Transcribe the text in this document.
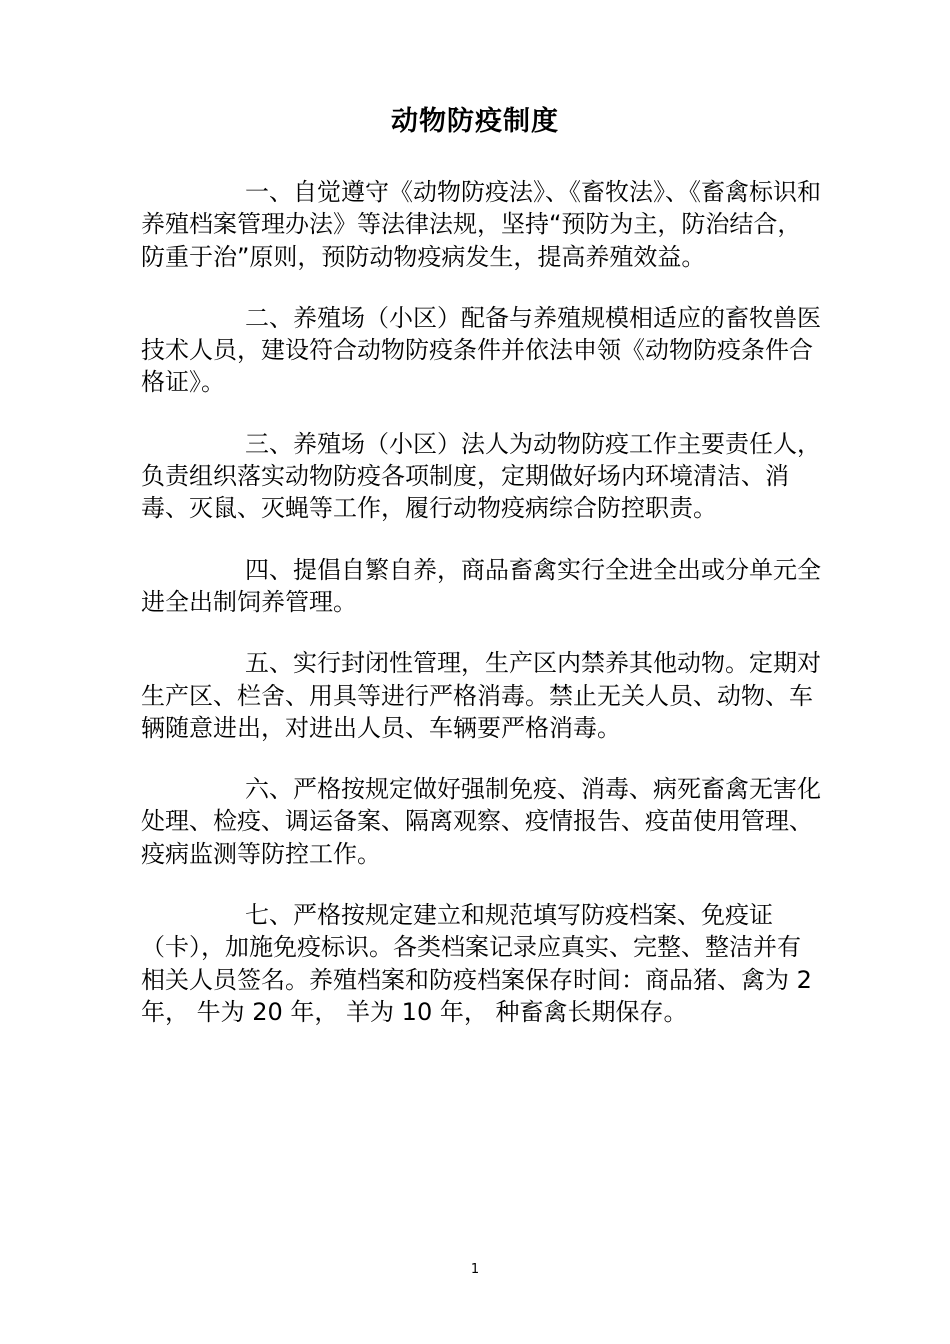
动物防疫制度

一、自觉遵守《动物防疫法》、《畜牧法》、《畜禽标识和养殖档案管理办法》等法律法规，坚持“预防为主，防治结合，防重于治”原则，预防动物疫病发生，提高养殖效益。

二、养殖场（小区）配备与养殖规模相适应的畜牧兽医技术人员，建设符合动物防疫条件并依法申领《动物防疫条件合格证》。

三、养殖场（小区）法人为动物防疫工作主要责任人，负责组织落实动物防疫各项制度，定期做好场内环境清洁、消毒、灭鼠、灭蝇等工作，履行动物疫病综合防控职责。

四、提倡自繁自养，商品畜禽实行全进全出或分单元全进全出制饲养管理。

五、实行封闭性管理，生产区内禁养其他动物。定期对生产区、栏舍、用具等进行严格消毒。禁止无关人员、动物、车辆随意进出，对进出人员、车辆要严格消毒。

六、严格按规定做好强制免疫、消毒、病死畜禽无害化处理、检疫、调运备案、隔离观察、疫情报告、疫苗使用管理、疫病监测等防控工作。

七、严格按规定建立和规范填写防疫档案、免疫证（卡），加施免疫标识。各类档案记录应真实、完整、整洁并有相关人员签名。养殖档案和防疫档案保存时间：商品猪、禽为 2 年， 牛为 20 年， 羊为 10 年， 种畜禽长期保存。

1
